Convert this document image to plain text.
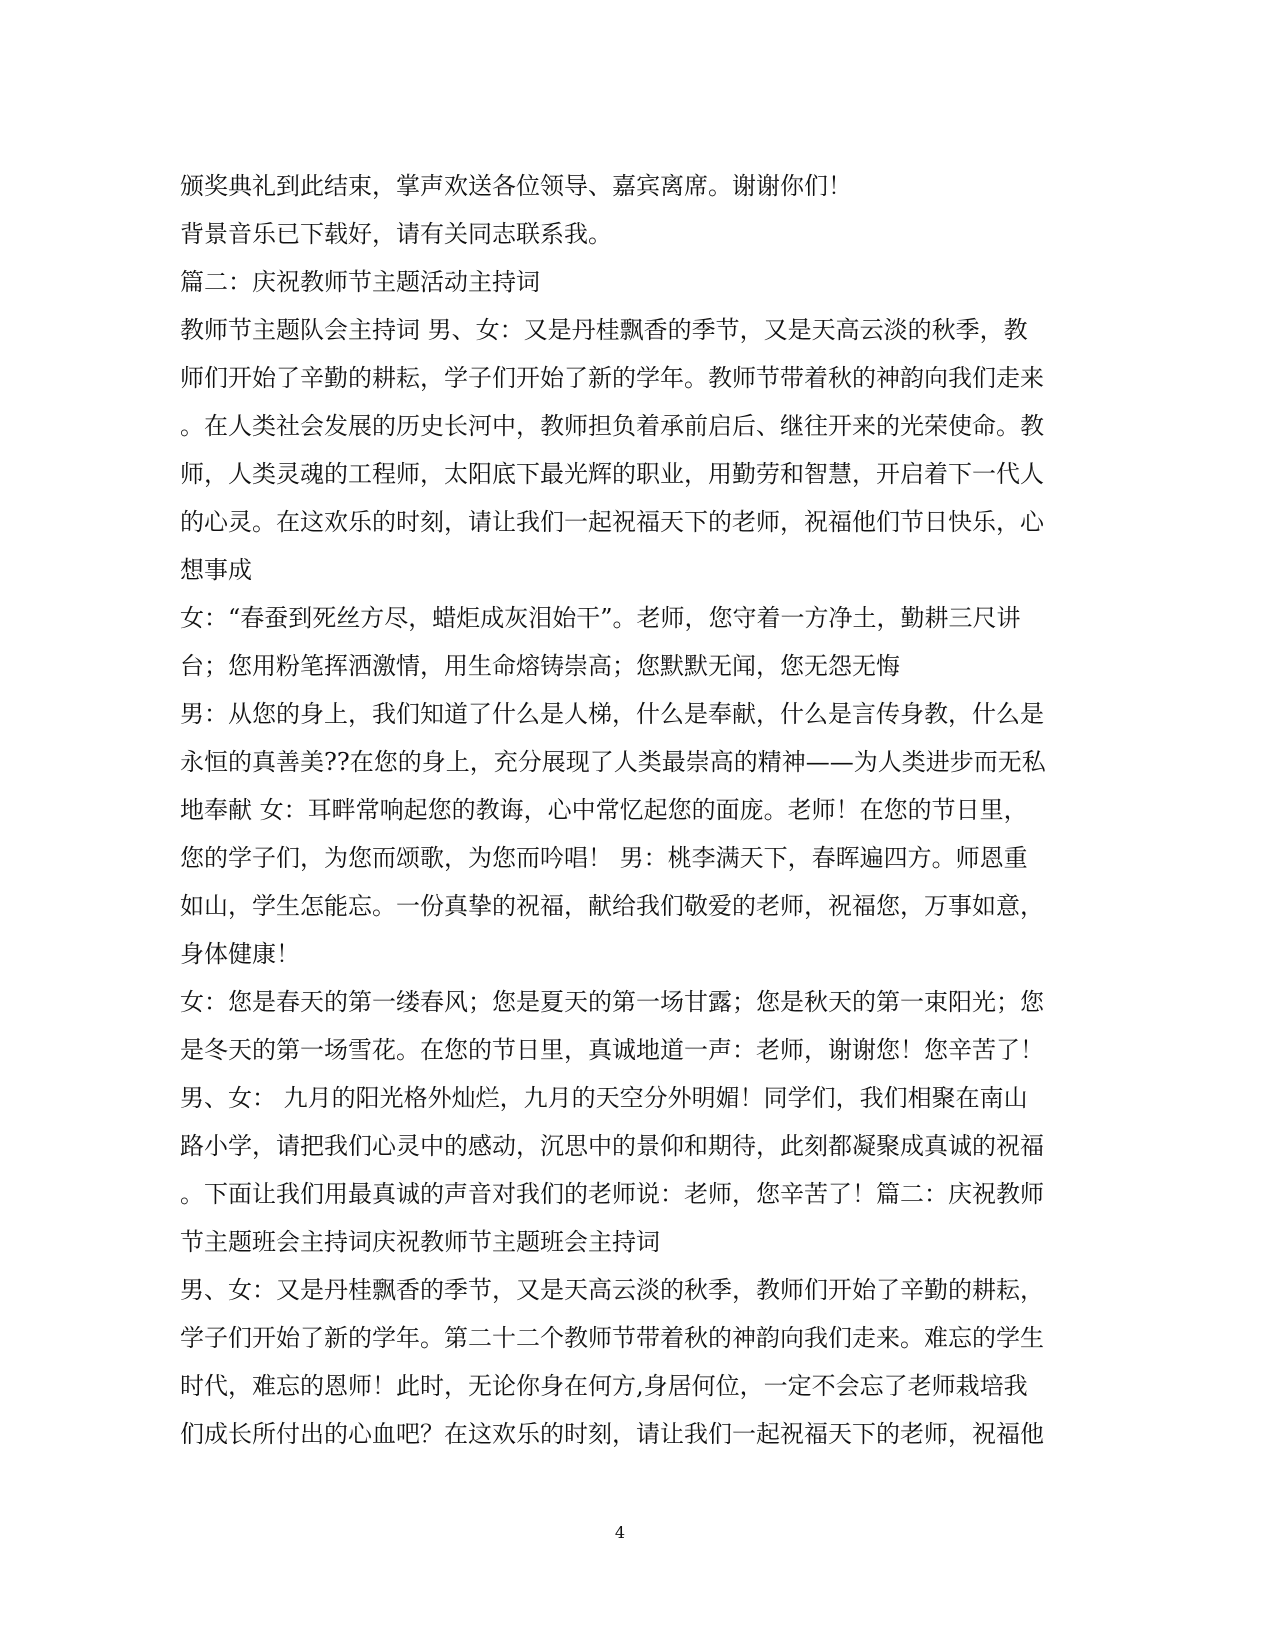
颁奖典礼到此结束，掌声欢送各位领导、嘉宾离席。谢谢你们！
背景音乐已下载好，请有关同志联系我。
篇二：庆祝教师节主题活动主持词
教师节主题队会主持词 男、女：又是丹桂飘香的季节，又是天高云淡的秋季，教
师们开始了辛勤的耕耘，学子们开始了新的学年。教师节带着秋的神韵向我们走来
。在人类社会发展的历史长河中，教师担负着承前启后、继往开来的光荣使命。教
师，人类灵魂的工程师，太阳底下最光辉的职业，用勤劳和智慧，开启着下一代人
的心灵。在这欢乐的时刻，请让我们一起祝福天下的老师，祝福他们节日快乐，心
想事成
女：“春蚕到死丝方尽，蜡炬成灰泪始干”。老师，您守着一方净土，勤耕三尺讲
台；您用粉笔挥洒激情，用生命熔铸崇高；您默默无闻，您无怨无悔
男：从您的身上，我们知道了什么是人梯，什么是奉献，什么是言传身教，什么是
永恒的真善美??在您的身上，充分展现了人类最崇高的精神——为人类进步而无私
地奉献 女：耳畔常响起您的教诲，心中常忆起您的面庞。老师！在您的节日里，
您的学子们，为您而颂歌，为您而吟唱！ 男：桃李满天下，春晖遍四方。师恩重
如山，学生怎能忘。一份真挚的祝福，献给我们敬爱的老师，祝福您，万事如意，
身体健康！
女：您是春天的第一缕春风；您是夏天的第一场甘露；您是秋天的第一束阳光；您
是冬天的第一场雪花。在您的节日里，真诚地道一声：老师，谢谢您！您辛苦了！
男、女： 九月的阳光格外灿烂，九月的天空分外明媚！同学们，我们相聚在南山
路小学，请把我们心灵中的感动，沉思中的景仰和期待，此刻都凝聚成真诚的祝福
。下面让我们用最真诚的声音对我们的老师说：老师，您辛苦了！篇二：庆祝教师
节主题班会主持词庆祝教师节主题班会主持词
男、女：又是丹桂飘香的季节，又是天高云淡的秋季，教师们开始了辛勤的耕耘，
学子们开始了新的学年。第二十二个教师节带着秋的神韵向我们走来。难忘的学生
时代，难忘的恩师！此时，无论你身在何方,身居何位，一定不会忘了老师栽培我
们成长所付出的心血吧？在这欢乐的时刻，请让我们一起祝福天下的老师，祝福他
4
